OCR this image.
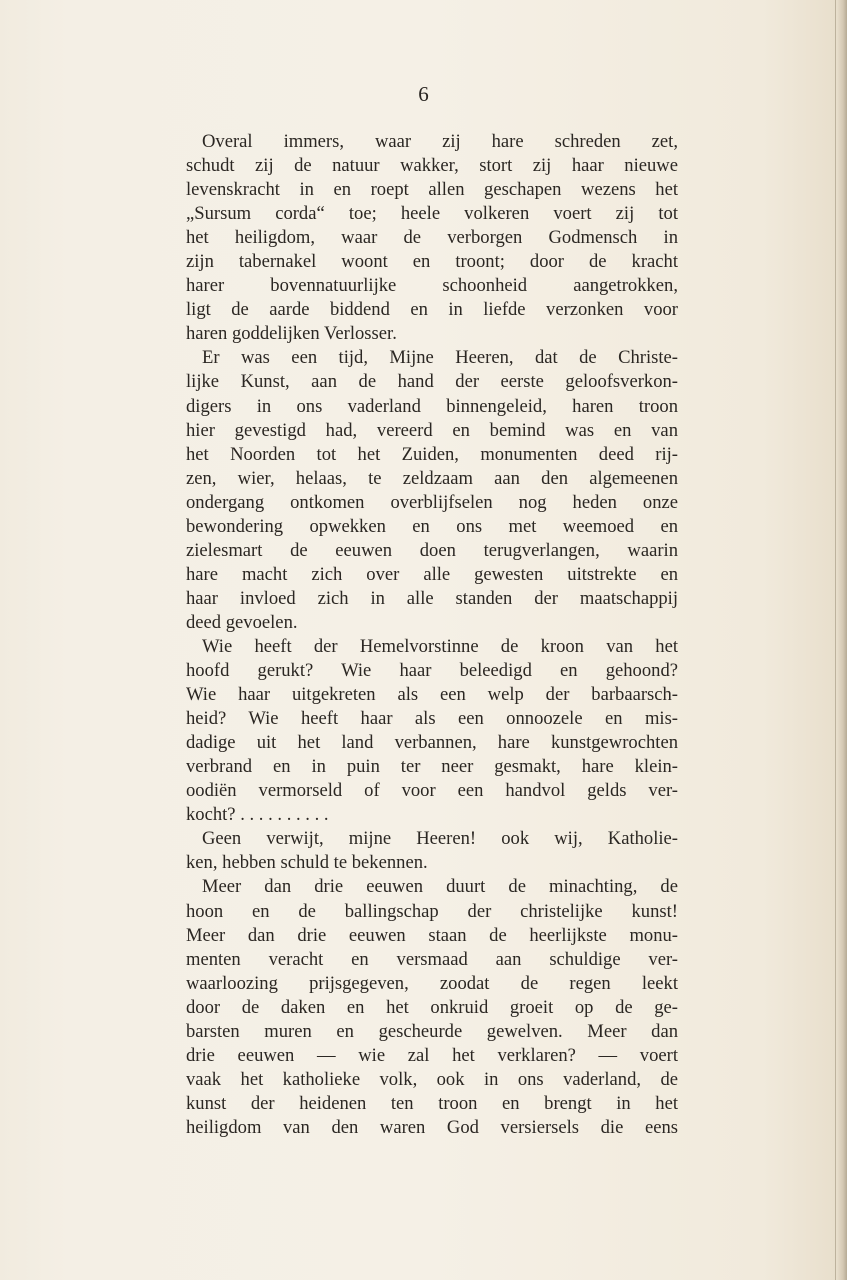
6
Overal immers, waar zij hare schreden zet,
schudt zij de natuur wakker, stort zij haar nieuwe
levenskracht in en roept allen geschapen wezens het
„Sursum corda“ toe; heele volkeren voert zij tot
het heiligdom, waar de verborgen Godmensch in
zijn tabernakel woont en troont; door de kracht
harer bovennatuurlijke schoonheid aangetrokken,
ligt de aarde biddend en in liefde verzonken voor
haren goddelijken Verlosser.
Er was een tijd, Mijne Heeren, dat de Christe-
lijke Kunst, aan de hand der eerste geloofsverkon-
digers in ons vaderland binnengeleid, haren troon
hier gevestigd had, vereerd en bemind was en van
het Noorden tot het Zuiden, monumenten deed rij-
zen, wier, helaas, te zeldzaam aan den algemeenen
ondergang ontkomen overblijfselen nog heden onze
bewondering opwekken en ons met weemoed en
zielesmart de eeuwen doen terugverlangen, waarin
hare macht zich over alle gewesten uitstrekte en
haar invloed zich in alle standen der maatschappij
deed gevoelen.
Wie heeft der Hemelvorstinne de kroon van het
hoofd gerukt? Wie haar beleedigd en gehoond?
Wie haar uitgekreten als een welp der barbaarsch-
heid? Wie heeft haar als een onnoozele en mis-
dadige uit het land verbannen, hare kunstgewrochten
verbrand en in puin ter neer gesmakt, hare klein-
oodiën vermorseld of voor een handvol gelds ver-
kocht? . . . . . . . . . .
Geen verwijt, mijne Heeren! ook wij, Katholie-
ken, hebben schuld te bekennen.
Meer dan drie eeuwen duurt de minachting, de
hoon en de ballingschap der christelijke kunst!
Meer dan drie eeuwen staan de heerlijkste monu-
menten veracht en versmaad aan schuldige ver-
waarloozing prijsgegeven, zoodat de regen leekt
door de daken en het onkruid groeit op de ge-
barsten muren en gescheurde gewelven. Meer dan
drie eeuwen — wie zal het verklaren? — voert
vaak het katholieke volk, ook in ons vaderland, de
kunst der heidenen ten troon en brengt in het
heiligdom van den waren God versiersels die eens
